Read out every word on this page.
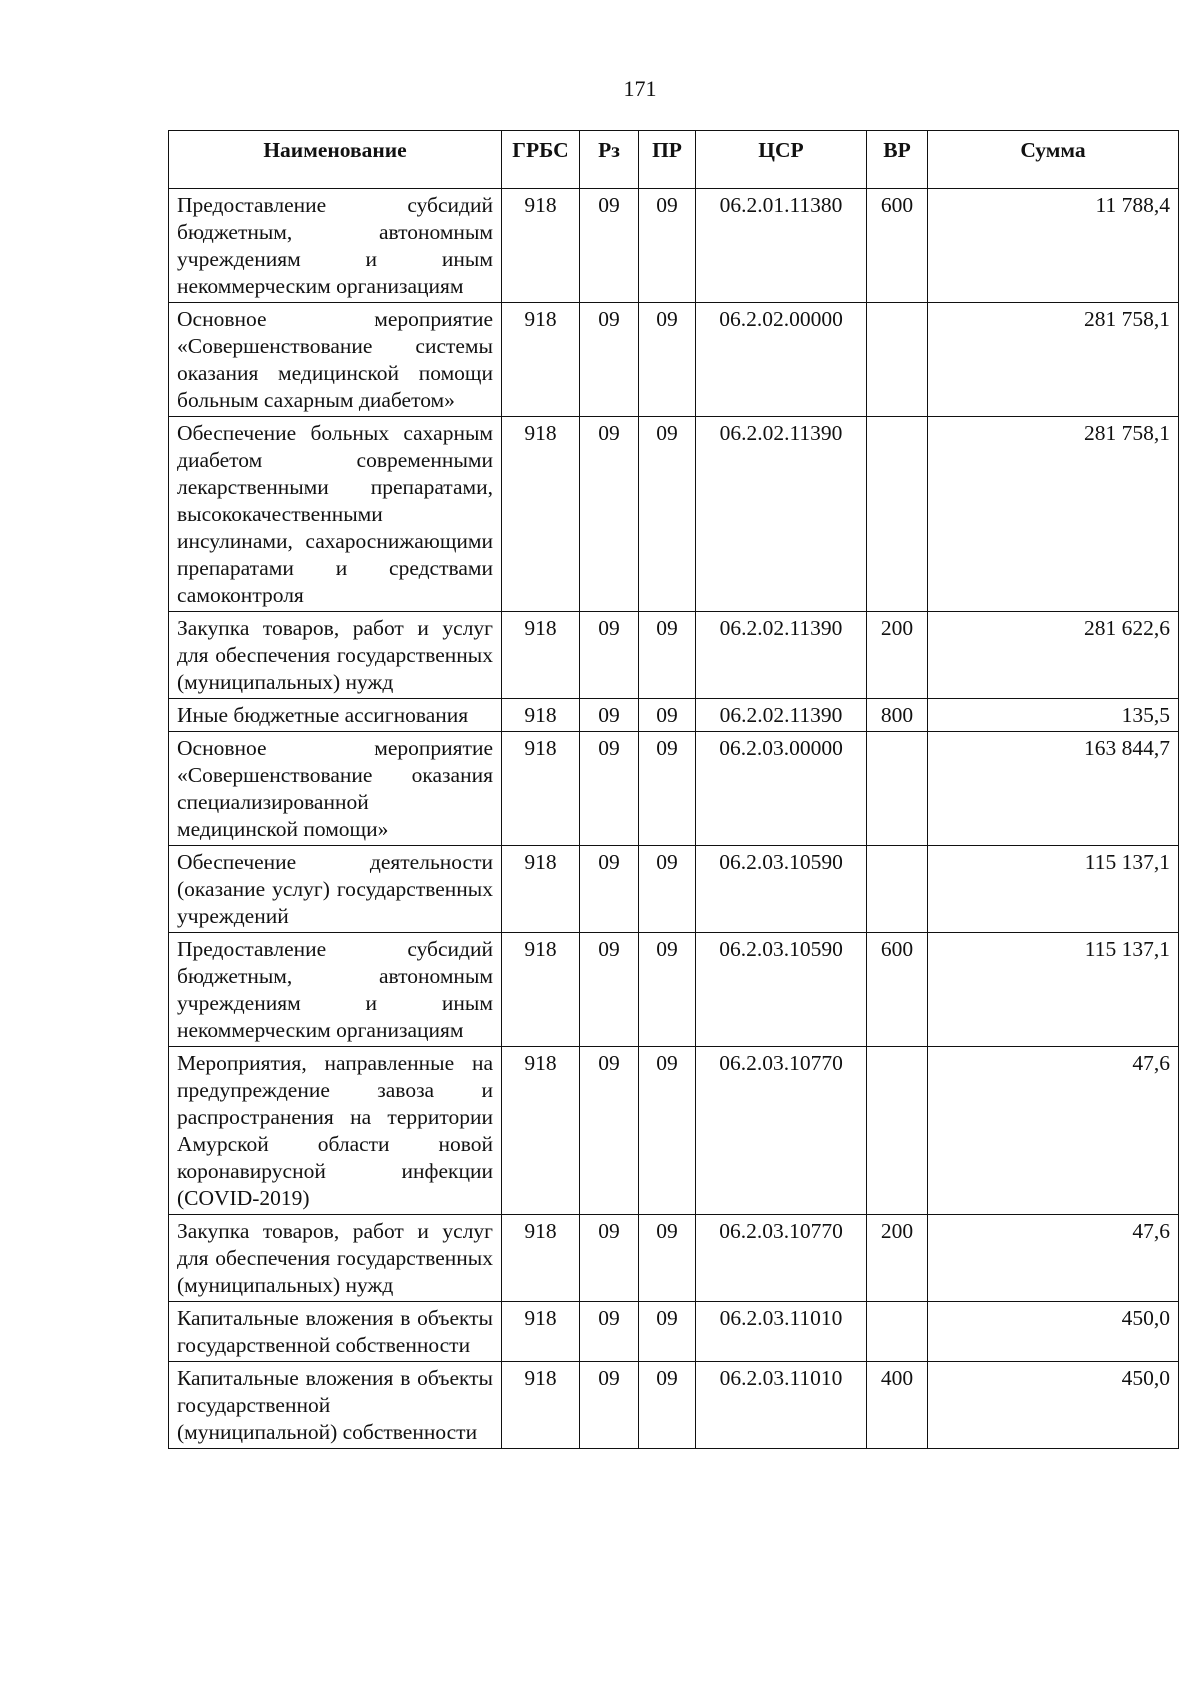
171
Наименование	ГРБС	Рз	ПР	ЦСР	ВР	Сумма
Предоставление субсидий бюджетным, автономным учреждениям и иным некоммерческим организациям	918	09	09	06.2.01.11380	600	11 788,4
Основное мероприятие «Совершенствование системы оказания медицинской помощи больным сахарным диабетом»	918	09	09	06.2.02.00000		281 758,1
Обеспечение больных сахарным диабетом современными лекарственными препаратами, высококачественными инсулинами, сахароснижающими препаратами и средствами самоконтроля	918	09	09	06.2.02.11390		281 758,1
Закупка товаров, работ и услуг для обеспечения государственных (муниципальных) нужд	918	09	09	06.2.02.11390	200	281 622,6
Иные бюджетные ассигнования	918	09	09	06.2.02.11390	800	135,5
Основное мероприятие «Совершенствование оказания специализированной медицинской помощи»	918	09	09	06.2.03.00000		163 844,7
Обеспечение деятельности (оказание услуг) государственных учреждений	918	09	09	06.2.03.10590		115 137,1
Предоставление субсидий бюджетным, автономным учреждениям и иным некоммерческим организациям	918	09	09	06.2.03.10590	600	115 137,1
Мероприятия, направленные на предупреждение завоза и распространения на территории Амурской области новой коронавирусной инфекции (COVID-2019)	918	09	09	06.2.03.10770		47,6
Закупка товаров, работ и услуг для обеспечения государственных (муниципальных) нужд	918	09	09	06.2.03.10770	200	47,6
Капитальные вложения в объекты государственной собственности	918	09	09	06.2.03.11010		450,0
Капитальные вложения в объекты государственной (муниципальной) собственности	918	09	09	06.2.03.11010	400	450,0
